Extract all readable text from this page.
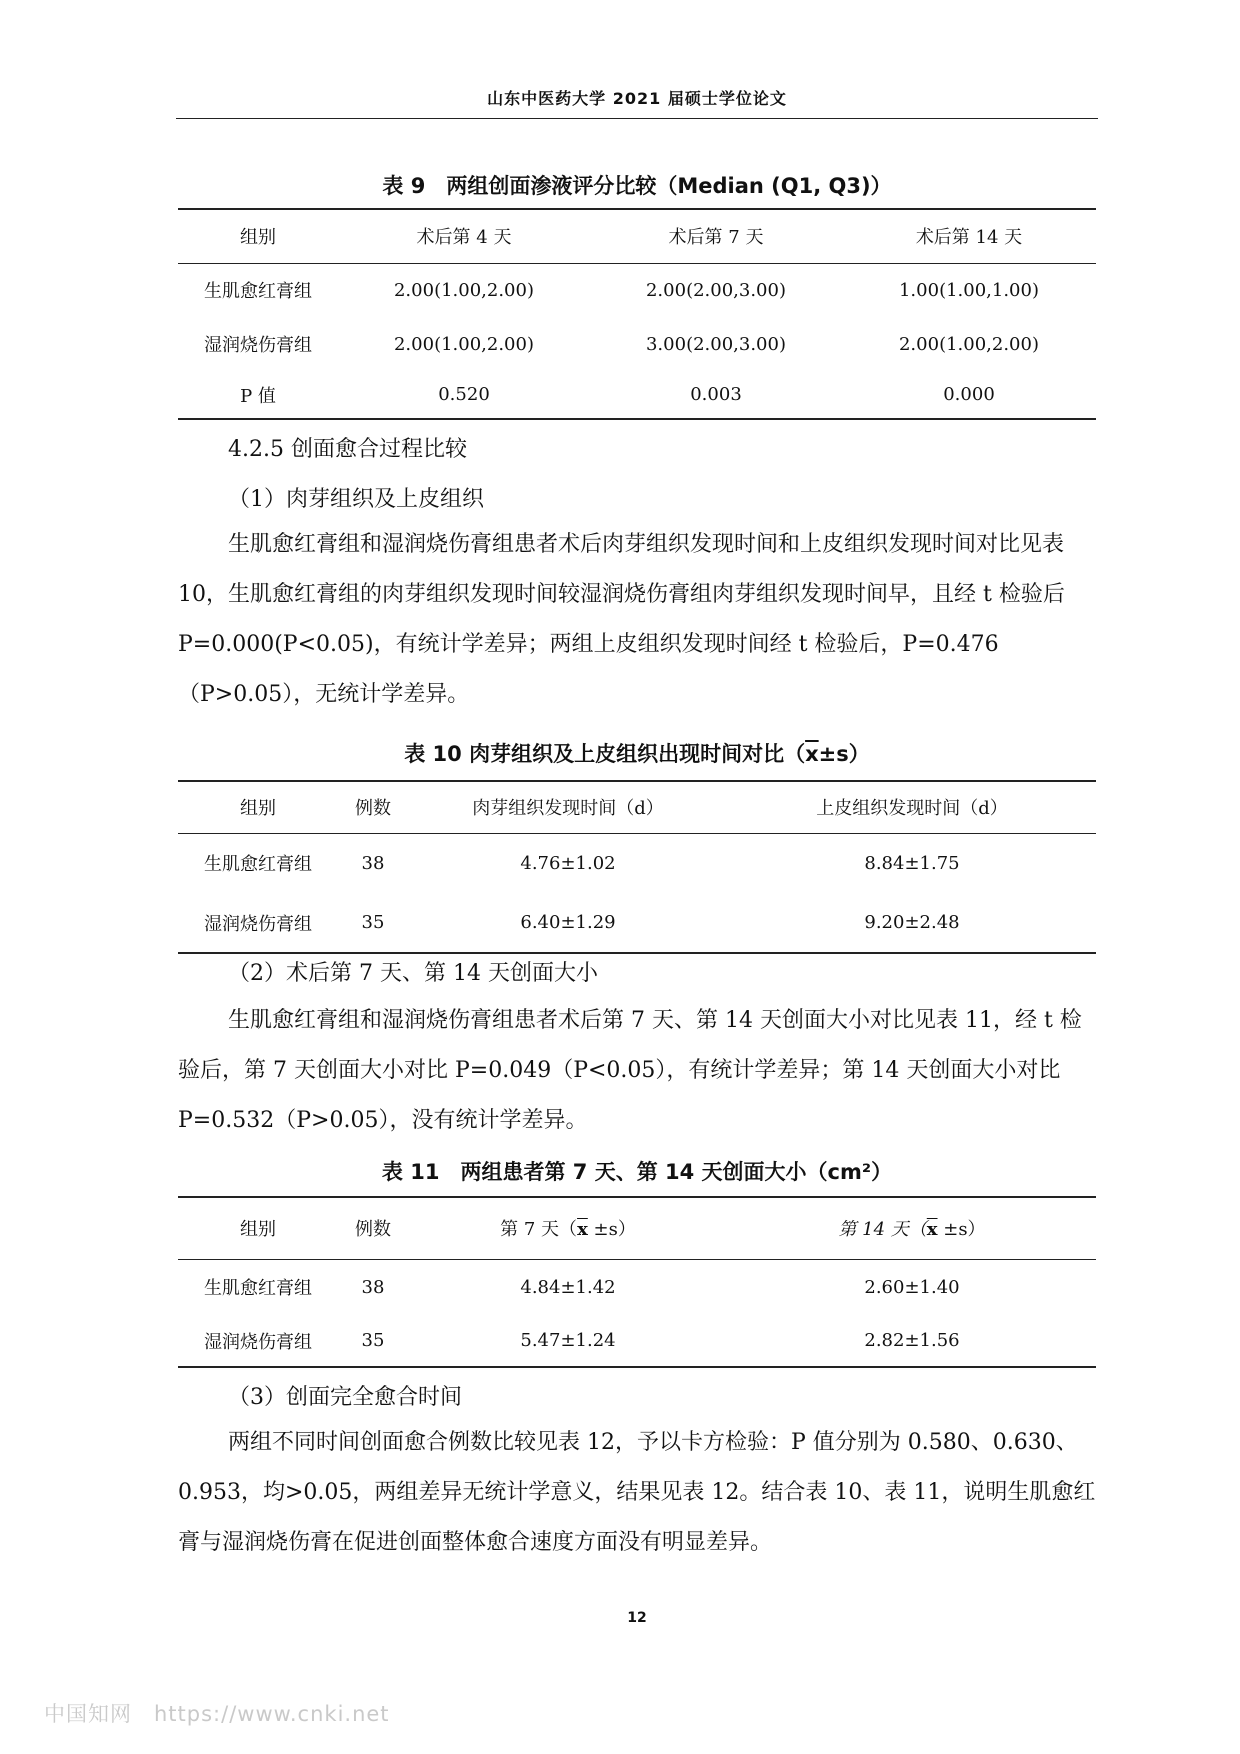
山东中医药大学 2021 届硕士学位论文
表 9　两组创面渗液评分比较（Median (Q1, Q3)）
组别	术后第 4 天	术后第 7 天	术后第 14 天
生肌愈红膏组	2.00(1.00,2.00)	2.00(2.00,3.00)	1.00(1.00,1.00)
湿润烧伤膏组	2.00(1.00,2.00)	3.00(2.00,3.00)	2.00(1.00,2.00)
P 值	0.520	0.003	0.000
4.2.5 创面愈合过程比较
（1）肉芽组织及上皮组织
生肌愈红膏组和湿润烧伤膏组患者术后肉芽组织发现时间和上皮组织发现时间对比见表 10，生肌愈红膏组的肉芽组织发现时间较湿润烧伤膏组肉芽组织发现时间早，且经 t 检验后 P=0.000(P<0.05)，有统计学差异；两组上皮组织发现时间经 t 检验后，P=0.476（P>0.05），无统计学差异。
表 10 肉芽组织及上皮组织出现时间对比$(\overline{x}\pm s)$
组别	例数	肉芽组织发现时间（d）	上皮组织发现时间（d）
生肌愈红膏组	38	4.76±1.02	8.84±1.75
湿润烧伤膏组	35	6.40±1.29	9.20±2.48
（2）术后第 7 天、第 14 天创面大小
生肌愈红膏组和湿润烧伤膏组患者术后第 7 天、第 14 天创面大小对比见表 11，经 t 检验后，第 7 天创面大小对比 P=0.049（P<0.05），有统计学差异；第 14 天创面大小对比 P=0.532（P>0.05），没有统计学差异。
表 11　两组患者第 7 天、第 14 天创面大小（cm²）
组别	例数	第 7 天$(\overline{x} \pm s)$	第 14 天$(\overline{x} \pm s)$
生肌愈红膏组	38	4.84±1.42	2.60±1.40
湿润烧伤膏组	35	5.47±1.24	2.82±1.56
（3）创面完全愈合时间
两组不同时间创面愈合例数比较见表 12，予以卡方检验：P 值分别为 0.580、0.630、0.953，均>0.05，两组差异无统计学意义，结果见表 12。结合表 10、表 11，说明生肌愈红膏与湿润烧伤膏在促进创面整体愈合速度方面没有明显差异。
12
中国知网　https://www.cnki.net
